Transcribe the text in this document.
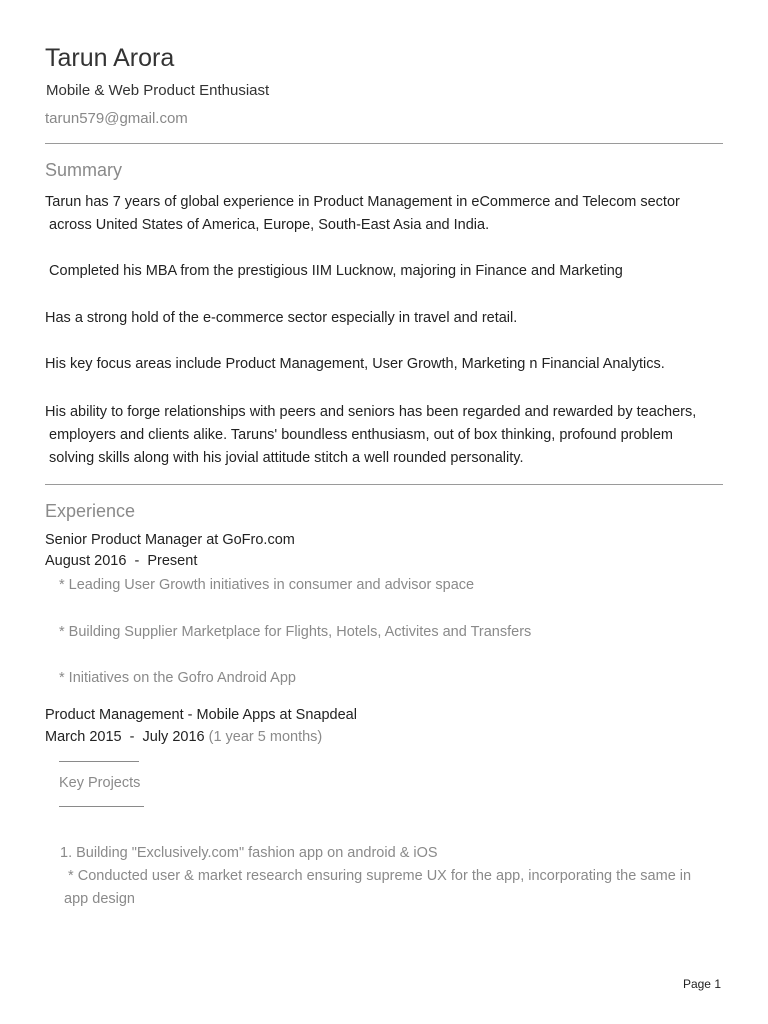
Tarun Arora
Mobile & Web Product Enthusiast
tarun579@gmail.com
Summary
Tarun has 7 years of global experience in Product Management in eCommerce and Telecom sector
across United States of America, Europe, South-East Asia and India.
Completed his MBA from the prestigious IIM Lucknow, majoring in Finance and Marketing
Has a strong hold of the e-commerce sector especially in travel and retail.
His key focus areas include Product Management, User Growth, Marketing n Financial Analytics.
His ability to forge relationships with peers and seniors has been regarded and rewarded by teachers,
employers and clients alike. Taruns' boundless enthusiasm, out of box thinking, profound problem
solving skills along with his jovial attitude stitch a well rounded personality.
Experience
Senior Product Manager at GoFro.com
August 2016  -  Present
* Leading User Growth initiatives in consumer and advisor space
* Building Supplier Marketplace for Flights, Hotels, Activites and Transfers
* Initiatives on the Gofro Android App
Product Management - Mobile Apps at Snapdeal
March 2015  -  July 2016 (1 year 5 months)
Key Projects
1. Building "Exclusively.com" fashion app on android & iOS
* Conducted user & market research ensuring supreme UX for the app, incorporating the same in
app design
Page 1
